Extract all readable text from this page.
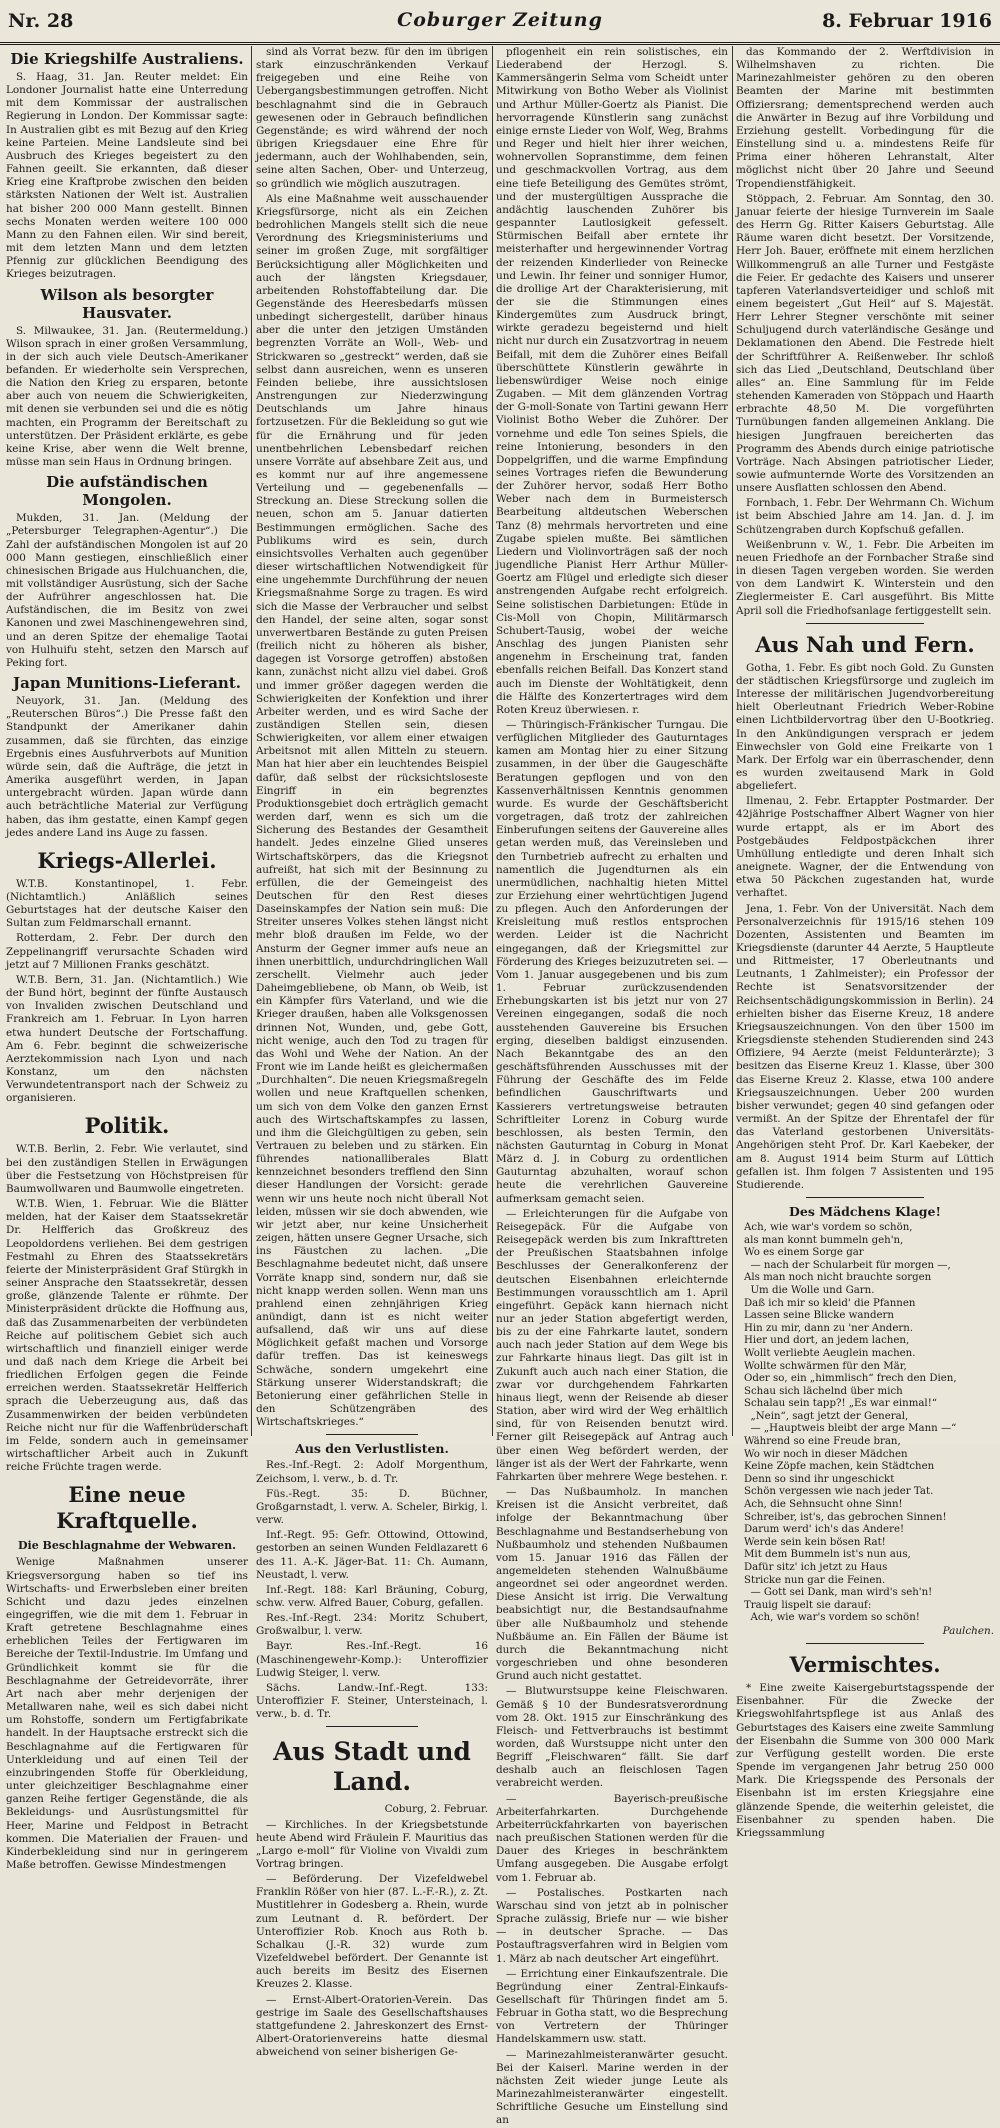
Nr. 28	Coburger Zeitung	8. Februar 1916
Die Kriegshilfe Australiens.

S. Haag, 31. Jan. Reuter meldet: Ein Londoner Journalist hatte eine Unterredung mit dem Kommissar der australischen Regierung in London. Der Kommissar sagte: In Australien gibt es mit Bezug auf den Krieg keine Parteien. Meine Landsleute sind bei Ausbruch des Krieges begeistert zu den Fahnen geeilt. Sie erkannten, daß dieser Krieg eine Kraftprobe zwischen den beiden stärksten Nationen der Welt ist. Australien hat bisher 200 000 Mann gestellt. Binnen sechs Monaten werden weitere 100 000 Mann zu den Fahnen eilen. Wir sind bereit, mit dem letzten Mann und dem letzten Pfennig zur glücklichen Beendigung des Krieges beizutragen.

Wilson als besorgter Hausvater.

S. Milwaukee, 31. Jan. (Reutermeldung.) Wilson sprach in einer großen Versammlung, in der sich auch viele Deutsch-Amerikaner befanden. Er wiederholte sein Versprechen, die Nation den Krieg zu ersparen, betonte aber auch von neuem die Schwierigkeiten, mit denen sie verbunden sei und die es nötig machten, ein Programm der Bereitschaft zu unterstützen. Der Präsident erklärte, es gebe keine Krise, aber wenn die Welt brenne, müsse man sein Haus in Ordnung bringen.

Die aufständischen Mongolen.

Mukden, 31. Jan. (Meldung der „Petersburger Telegraphen-Agentur“.) Die Zahl der aufständischen Mongolen ist auf 20 000 Mann gestiegen, einschließlich einer chinesischen Brigade aus Hulchuanchen, die, mit vollständiger Ausrüstung, sich der Sache der Aufrührer angeschlossen hat. Die Aufständischen, die im Besitz von zwei Kanonen und zwei Maschinengewehren sind, und an deren Spitze der ehemalige Taotai von Hulhuifu steht, setzen den Marsch auf Peking fort.

Japan Munitions-Lieferant.

Neuyork, 31. Jan. (Meldung des „Reuterschen Büros“.) Die Presse faßt den Standpunkt der Amerikaner dahin zusammen, daß sie fürchten, das einzige Ergebnis eines Ausfuhrverbots auf Munition würde sein, daß die Aufträge, die jetzt in Amerika ausgeführt werden, in Japan untergebracht würden. Japan würde dann auch beträchtliche Material zur Verfügung haben, das ihm gestatte, einen Kampf gegen jedes andere Land ins Auge zu fassen.

Kriegs-Allerlei.

W.T.B. Konstantinopel, 1. Febr. (Nichtamtlich.) Anläßlich seines Geburtstages hat der deutsche Kaiser den Sultan zum Feldmarschall ernannt.

Rotterdam, 2. Febr. Der durch den Zeppelinangriff verursachte Schaden wird jetzt auf 7 Millionen Franks geschätzt.

W.T.B. Bern, 31. Jan. (Nichtamtlich.) Wie der Bund hört, beginnt der fünfte Austausch von Invaliden zwischen Deutschland und Frankreich am 1. Februar. In Lyon harren etwa hundert Deutsche der Fortschaffung. Am 6. Febr. beginnt die schweizerische Aerztekommission nach Lyon und nach Konstanz, um den nächsten Verwundetentransport nach der Schweiz zu organisieren.

Politik.

W.T.B. Berlin, 2. Febr. Wie verlautet, sind bei den zuständigen Stellen in Erwägungen über die Festsetzung von Höchstpreisen für Baumwollwaren und Baumwolle eingetreten.

W.T.B. Wien, 1. Februar. Wie die Blätter melden, hat der Kaiser dem Staatssekretär Dr. Helfferich das Großkreuz des Leopoldordens verliehen. Bei dem gestrigen Festmahl zu Ehren des Staatssekretärs feierte der Ministerpräsident Graf Stürgkh in seiner Ansprache den Staatssekretär, dessen große, glänzende Talente er rühmte. Der Ministerpräsident drückte die Hoffnung aus, daß das Zusammenarbeiten der verbündeten Reiche auf politischem Gebiet sich auch wirtschaftlich und finanziell einiger werde und daß nach dem Kriege die Arbeit bei friedlichen Erfolgen gegen die Feinde erreichen werden. Staatssekretär Helfferich sprach die Ueberzeugung aus, daß das Zusammenwirken der beiden verbündeten Reiche nicht nur für die Waffenbrüderschaft im Felde, sondern auch in gemeinsamer wirtschaftlicher Arbeit auch in Zukunft reiche Früchte tragen werde.

Eine neue Kraftquelle.
Die Beschlagnahme der Webwaren.

Wenige Maßnahmen unserer Kriegsversorgung haben so tief ins Wirtschafts- und Erwerbsleben einer breiten Schicht und dazu jedes einzelnen eingegriffen, wie die mit dem 1. Februar in Kraft getretene Beschlagnahme eines erheblichen Teiles der Fertigwaren im Bereiche der Textil-Industrie. Im Umfang und Gründlichkeit kommt sie für die Beschlagnahme der Getreidevorräte, ihrer Art nach aber mehr derjenigen der Metallwaren nahe, weil es sich dabei nicht um Rohstoffe, sondern um Fertigfabrikate handelt. In der Hauptsache erstreckt sich die Beschlagnahme auf die Fertigwaren für Unterkleidung und auf einen Teil der einzubringenden Stoffe für Oberkleidung, unter gleichzeitiger Beschlagnahme einer ganzen Reihe fertiger Gegenstände, die als Bekleidungs- und Ausrüstungsmittel für Heer, Marine und Feldpost in Betracht kommen. Die Materialien der Frauen- und Kinderbekleidung sind nur in geringerem Maße betroffen. Gewisse Mindestmengen

sind als Vorrat bezw. für den im übrigen stark einzuschränkenden Verkauf freigegeben und eine Reihe von Uebergangsbestimmungen getroffen. Nicht beschlagnahmt sind die in Gebrauch gewesenen oder in Gebrauch befindlichen Gegenstände; es wird während der noch übrigen Kriegsdauer eine Ehre für jedermann, auch der Wohlhabenden, sein, seine alten Sachen, Ober- und Unterzeug, so gründlich wie möglich auszutragen.

Als eine Maßnahme weit ausschauender Kriegsfürsorge, nicht als ein Zeichen bedrohlichen Mangels stellt sich die neue Verordnung des Kriegsministeriums und seiner im großen Zuge, mit sorgfältiger Berücksichtigung aller Möglichkeiten und auch der längsten Kriegsdauer, arbeitenden Rohstoffabteilung dar. Die Gegenstände des Heeresbedarfs müssen unbedingt sichergestellt, darüber hinaus aber die unter den jetzigen Umständen begrenzten Vorräte an Woll-, Web- und Strickwaren so „gestreckt“ werden, daß sie selbst dann ausreichen, wenn es unseren Feinden beliebe, ihre aussichtslosen Anstrengungen zur Niederzwingung Deutschlands um Jahre hinaus fortzusetzen. Für die Bekleidung so gut wie für die Ernährung und für jeden unentbehrlichen Lebensbedarf reichen unsere Vorräte auf absehbare Zeit aus, und es kommt nur auf ihre angemessene Verteilung und — gegebenenfalls — Streckung an. Diese Streckung sollen die neuen, schon am 5. Januar datierten Bestimmungen ermöglichen. Sache des Publikums wird es sein, durch einsichtsvolles Verhalten auch gegenüber dieser wirtschaftlichen Notwendigkeit für eine ungehemmte Durchführung der neuen Kriegsmaßnahme Sorge zu tragen. Es wird sich die Masse der Verbraucher und selbst den Handel, der seine alten, sogar sonst unverwertbaren Bestände zu guten Preisen (freilich nicht zu höheren als bisher, dagegen ist Vorsorge getroffen) abstoßen kann, zunächst nicht allzu viel dabei. Groß und immer größer dagegen werden die Schwierigkeiten der Konfektion und ihrer Arbeiter werden, und es wird Sache der zuständigen Stellen sein, diesen Schwierigkeiten, vor allem einer etwaigen Arbeitsnot mit allen Mitteln zu steuern. Man hat hier aber ein leuchtendes Beispiel dafür, daß selbst der rücksichtsloseste Eingriff in ein begrenztes Produktionsgebiet doch erträglich gemacht werden darf, wenn es sich um die Sicherung des Bestandes der Gesamtheit handelt. Jedes einzelne Glied unseres Wirtschaftskörpers, das die Kriegsnot aufreißt, hat sich mit der Besinnung zu erfüllen, die der Gemeingeist des Deutschen für den Rest dieses Daseinskampfes der Nation sein muß: Die Streiter unseres Volkes stehen längst nicht mehr bloß draußen im Felde, wo der Ansturm der Gegner immer aufs neue an ihnen unerbittlich, undurchdringlichen Wall zerschellt. Vielmehr auch jeder Daheimgebliebene, ob Mann, ob Weib, ist ein Kämpfer fürs Vaterland, und wie die Krieger draußen, haben alle Volksgenossen drinnen Not, Wunden, und, gebe Gott, nicht wenige, auch den Tod zu tragen für das Wohl und Wehe der Nation. An der Front wie im Lande heißt es gleichermaßen „Durchhalten“. Die neuen Kriegsmaßregeln wollen und neue Kraftquellen schenken, um sich von dem Volke den ganzen Ernst auch des Wirtschaftskampfes zu lassen, und ihm die Gleichgültigen zu geben, sein Vertrauen zu beleben und zu stärken. Ein führendes nationalliberales Blatt kennzeichnet besonders trefflend den Sinn dieser Handlungen der Vorsicht: gerade wenn wir uns heute noch nicht überall Not leiden, müssen wir sie doch abwenden, wie wir jetzt aber, nur keine Unsicherheit zeigen, hätten unsere Gegner Ursache, sich ins Fäustchen zu lachen. „Die Beschlagnahme bedeutet nicht, daß unsere Vorräte knapp sind, sondern nur, daß sie nicht knapp werden sollen. Wenn man uns prahlend einen zehnjährigen Krieg anündigt, dann ist es nicht weiter aufsallend, daß wir uns auf diese Möglichkeit gefaßt machen und Vorsorge dafür treffen. Das ist keineswegs Schwäche, sondern umgekehrt eine Stärkung unserer Widerstandskraft; die Betonierung einer gefährlichen Stelle in den Schützengräben des Wirtschaftskrieges.“

Aus den Verlustlisten.

Res.-Inf.-Regt. 2: Adolf Morgenthum, Zeichsom, l. verw., b. d. Tr.

Füs.-Regt. 35: D. Büchner, Großgarnstadt, l. verw. A. Scheler, Birkig, l. verw.

Inf.-Regt. 95: Gefr. Ottowind, Ottowind, gestorben an seinen Wunden Feldlazarett 6 des 11. A.-K. Jäger-Bat. 11: Ch. Aumann, Neustadt, l. verw.

Inf.-Regt. 188: Karl Bräuning, Coburg, schw. verw. Alfred Bauer, Coburg, gefallen.

Res.-Inf.-Regt. 234: Moritz Schubert, Großwalbur, l. verw.

Bayr. Res.-Inf.-Regt. 16 (Maschinengewehr-Komp.): Unteroffizier Ludwig Steiger, l. verw.

Sächs. Landw.-Inf.-Regt. 133: Unteroffizier F. Steiner, Untersteinach, l. verw., b. d. Tr.

Aus Stadt und Land.

Coburg, 2. Februar.

— Kirchliches. In der Kriegsbetstunde heute Abend wird Fräulein F. Mauritius das „Largo e-moll“ für Violine von Vivaldi zum Vortrag bringen.

— Beförderung. Der Vizefeldwebel Franklin Rößer von hier (87. L.-F.-R.), z. Zt. Mustitlehrer in Godesberg a. Rhein, wurde zum Leutnant d. R. befördert. Der Unteroffizier Rob. Knoch aus Roth b. Schalkau (J.-R. 32) wurde zum Vizefeldwebel befördert. Der Genannte ist auch bereits im Besitz des Eisernen Kreuzes 2. Klasse.

— Ernst-Albert-Oratorien-Verein. Das gestrige im Saale des Gesellschaftshauses stattgefundene 2. Jahreskonzert des Ernst-Albert-Oratorienvereins hatte diesmal abweichend von seiner bisherigen Ge-

pflogenheit ein rein solistisches, ein Liederabend der Herzogl. S. Kammersängerin Selma vom Scheidt unter Mitwirkung von Botho Weber als Violinist und Arthur Müller-Goertz als Pianist. Die hervorragende Künstlerin sang zunächst einige ernste Lieder von Wolf, Weg, Brahms und Reger und hielt hier ihrer weichen, wohnervollen Sopranstimme, dem feinen und geschmackvollen Vortrag, aus dem eine tiefe Beteiligung des Gemütes strömt, und der mustergültigen Aussprache die andächtig lauschenden Zuhörer bis gespannter Lautlosigkeit gefesselt. Stürmischen Beifall aber erntete ihr meisterhafter und hergewinnender Vortrag der reizenden Kinderlieder von Reinecke und Lewin. Ihr feiner und sonniger Humor, die drollige Art der Charakterisierung, mit der sie die Stimmungen eines Kindergemütes zum Ausdruck bringt, wirkte geradezu begeisternd und hielt nicht nur durch ein Zusatzvortrag in neuem Beifall, mit dem die Zuhörer eines Beifall überschüttete Künstlerin gewährte in liebenswürdiger Weise noch einige Zugaben. — Mit dem glänzenden Vortrag der G-moll-Sonate von Tartini gewann Herr Violinist Botho Weber die Zuhörer. Der vornehme und edle Ton seines Spiels, die reine Intonierung, besonders in den Doppelgriffen, und die warme Empfindung seines Vortrages riefen die Bewunderung der Zuhörer hervor, sodaß Herr Botho Weber nach dem in Burmeistersch Bearbeitung altdeutschen Weberschen Tanz (8) mehrmals hervortreten und eine Zugabe spielen mußte. Bei sämtlichen Liedern und Violinvorträgen saß der noch jugendliche Pianist Herr Arthur Müller-Goertz am Flügel und erledigte sich dieser anstrengenden Aufgabe recht erfolgreich. Seine solistischen Darbietungen: Etüde in Cis-Moll von Chopin, Militärmarsch Schubert-Tausig, wobei der weiche Anschlag des jungen Pianisten sehr angenehm in Erscheinung trat, fanden ebenfalls reichen Beifall. Das Konzert stand auch im Dienste der Wohltätigkeit, denn die Hälfte des Konzertertrages wird dem Roten Kreuz überwiesen. r.

— Thüringisch-Fränkischer Turngau. Die verfüglichen Mitglieder des Gauturntages kamen am Montag hier zu einer Sitzung zusammen, in der über die Gaugeschäfte Beratungen gepflogen und von den Kassenverhältnissen Kenntnis genommen wurde. Es wurde der Geschäftsbericht vorgetragen, daß trotz der zahlreichen Einberufungen seitens der Gauvereine alles getan werden muß, das Vereinsleben und den Turnbetrieb aufrecht zu erhalten und namentlich die Jugendturnen als ein unermüdlichen, nachhaltig hieten Mittel zur Erziehung einer wehrtüchtigen Jugend zu pflegen. Auch den Anforderungen der Kreisleitung muß restlos entsprochen werden. Leider ist die Nachricht eingegangen, daß der Kriegsmittel zur Förderung des Krieges beizuzutreten sei. — Vom 1. Januar ausgegebenen und bis zum 1. Februar zurückzusendenden Erhebungskarten ist bis jetzt nur von 27 Vereinen eingegangen, sodaß die noch ausstehenden Gauvereine bis Ersuchen erging, dieselben baldigst einzusenden. Nach Bekanntgabe des an den geschäftsführenden Ausschusses mit der Führung der Geschäfte des im Felde befindlichen Gauschriftwarts und Kassierers vertretungsweise betrauten Schriftleiter Lorenz in Coburg wurde beschlossen, als besten Termin, den nächsten Gauturntag in Coburg in Monat März d. J. in Coburg zu ordentlichen Gauturntag abzuhalten, worauf schon heute die verehrlichen Gauvereine aufmerksam gemacht seien.

— Erleichterungen für die Aufgabe von Reisegepäck. Für die Aufgabe von Reisegepäck werden bis zum Inkrafttreten der Preußischen Staatsbahnen infolge Beschlusses der Generalkonferenz der deutschen Eisenbahnen erleichternde Bestimmungen vorausschtlich am 1. April eingeführt. Gepäck kann hiernach nicht nur an jeder Station abgefertigt werden, bis zu der eine Fahrkarte lautet, sondern auch nach jeder Station auf dem Wege bis zur Fahrkarte hinaus liegt. Das gilt ist in Zukunft auch auch nach einer Station, die zwar vor durchgehendem Fahrkarten hinaus liegt, wenn der Reisende ab dieser Station, aber wird wird der Weg erhältlich sind, für von Reisenden benutzt wird. Ferner gilt Reisegepäck auf Antrag auch über einen Weg befördert werden, der länger ist als der Wert der Fahrkarte, wenn Fahrkarten über mehrere Wege bestehen. r.

— Das Nußbaumholz. In manchen Kreisen ist die Ansicht verbreitet, daß infolge der Bekanntmachung über Beschlagnahme und Bestandserhebung von Nußbaumholz und stehenden Nußbaumen vom 15. Januar 1916 das Fällen der angemeldeten stehenden Walnußbäume angeordnet sei oder angeordnet werden. Diese Ansicht ist irrig. Die Verwaltung beabsichtigt nur, die Bestandsaufnahme über alle Nußbaumholz und stehende Nußbäume an. Ein Fällen der Bäume ist durch die Bekanntmachung nicht vorgeschrieben und ohne besonderen Grund auch nicht gestattet.

— Blutwurstsuppe keine Fleischwaren. Gemäß § 10 der Bundesratsverordnung vom 28. Okt. 1915 zur Einschränkung des Fleisch- und Fettverbrauchs ist bestimmt worden, daß Wurstsuppe nicht unter den Begriff „Fleischwaren“ fällt. Sie darf deshalb auch an fleischlosen Tagen verabreicht werden.

— Bayerisch-preußische Arbeiterfahrkarten. Durchgehende Arbeiterrückfahrkarten von bayerischen nach preußischen Stationen werden für die Dauer des Krieges in beschränktem Umfang ausgegeben. Die Ausgabe erfolgt vom 1. Februar ab.

— Postalisches. Postkarten nach Warschau sind von jetzt ab in polnischer Sprache zulässig, Briefe nur — wie bisher — in deutscher Sprache. — Das Postauftragsverfahren wird in Belgien vom 1. März ab nach deutscher Art eingeführt.

— Errichtung einer Einkaufszentrale. Die Begründung einer Zentral-Einkaufs-Gesellschaft für Thüringen findet am 5. Februar in Gotha statt, wo die Besprechung von Vertretern der Thüringer Handelskammern usw. statt.

— Marinezahlmeisteranwärter gesucht. Bei der Kaiserl. Marine werden in der nächsten Zeit wieder junge Leute als Marinezahlmeisteranwärter eingestellt. Schriftliche Gesuche um Einstellung sind an

das Kommando der 2. Werftdivision in Wilhelmshaven zu richten. Die Marinezahlmeister gehören zu den oberen Beamten der Marine mit bestimmten Offiziersrang; dementsprechend werden auch die Anwärter in Bezug auf ihre Vorbildung und Erziehung gestellt. Vorbedingung für die Einstellung sind u. a. mindestens Reife für Prima einer höheren Lehranstalt, Alter möglichst nicht über 20 Jahre und Seeund Tropendienstfähigkeit.

Stöppach, 2. Februar. Am Sonntag, den 30. Januar feierte der hiesige Turnverein im Saale des Herrn Gg. Ritter Kaisers Geburtstag. Alle Räume waren dicht besetzt. Der Vorsitzende, Herr Joh. Bauer, eröffnete mit einem herzlichen Willkommengruß an alle Turner und Festgäste die Feier. Er gedachte des Kaisers und unserer tapferen Vaterlandsverteidiger und schloß mit einem begeistert „Gut Heil“ auf S. Majestät. Herr Lehrer Stegner verschönte mit seiner Schuljugend durch vaterländische Gesänge und Deklamationen den Abend. Die Festrede hielt der Schriftführer A. Reißenweber. Ihr schloß sich das Lied „Deutschland, Deutschland über alles“ an. Eine Sammlung für im Felde stehenden Kameraden von Stöppach und Haarth erbrachte 48,50 M. Die vorgeführten Turnübungen fanden allgemeinen Anklang. Die hiesigen Jungfrauen bereicherten das Programm des Abends durch einige patriotische Vorträge. Nach Absingen patriotischer Lieder, sowie aufmunternde Worte des Vorsitzenden an unsere Ausflatten schlossen den Abend.

Fornbach, 1. Febr. Der Wehrmann Ch. Wichum ist beim Abschied Jahre am 14. Jan. d. J. im Schützengraben durch Kopfschuß gefallen.

Weißenbrunn v. W., 1. Febr. Die Arbeiten im neuen Friedhofe an der Fornbacher Straße sind in diesen Tagen vergeben worden. Sie werden von dem Landwirt K. Winterstein und den Zieglermeister E. Carl ausgeführt. Bis Mitte April soll die Friedhofsanlage fertiggestellt sein.

Aus Nah und Fern.

Gotha, 1. Febr. Es gibt noch Gold. Zu Gunsten der städtischen Kriegsfürsorge und zugleich im Interesse der militärischen Jugendvorbereitung hielt Oberleutnant Friedrich Weber-Robine einen Lichtbildervortrag über den U-Bootkrieg. In den Ankündigungen versprach er jedem Einwechsler von Gold eine Freikarte von 1 Mark. Der Erfolg war ein überraschender, denn es wurden zweitausend Mark in Gold abgeliefert.

Ilmenau, 2. Febr. Ertappter Postmarder. Der 42jährige Postschaffner Albert Wagner von hier wurde ertappt, als er im Abort des Postgebäudes Feldpostpäckchen ihrer Umhüllung entledigte und deren Inhalt sich aneignete. Wagner, der die Entwendung von etwa 50 Päckchen zugestanden hat, wurde verhaftet.

Jena, 1. Febr. Von der Universität. Nach dem Personalverzeichnis für 1915/16 stehen 109 Dozenten, Assistenten und Beamten im Kriegsdienste (darunter 44 Aerzte, 5 Hauptleute und Rittmeister, 17 Oberleutnants und Leutnants, 1 Zahlmeister); ein Professor der Rechte ist Senatsvorsitzender der Reichsentschädigungskommission in Berlin). 24 erhielten bisher das Eiserne Kreuz, 18 andere Kriegsauszeichnungen. Von den über 1500 im Kriegsdienste stehenden Studierenden sind 243 Offiziere, 94 Aerzte (meist Feldunterärzte); 3 besitzen das Eiserne Kreuz 1. Klasse, über 300 das Eiserne Kreuz 2. Klasse, etwa 100 andere Kriegsauszeichnungen. Ueber 200 wurden bisher verwundet; gegen 40 sind gefangen oder vermißt. An der Spitze der Ehrentafel der für das Vaterland gestorbenen Universitäts-Angehörigen steht Prof. Dr. Karl Kaebeker, der am 8. August 1914 beim Sturm auf Lüttich gefallen ist. Ihm folgen 7 Assistenten und 195 Studierende.

Des Mädchens Klage!
Ach, wie war's vordem so schön,
als man konnt bummeln geh'n,
Wo es einem Sorge gar
— nach der Schularbeit für morgen —,
Als man noch nicht brauchte sorgen
Um die Wolle und Garn.
Daß ich mir so kleid' die Pfannen
Lassen seine Blicke wandern
Hin zu mir, dann zu 'ner Andern.
Hier und dort, an jedem lachen,
Wollt verliebte Aeuglein machen.
Wollte schwärmen für den Mär,
Oder so, ein „himmlisch“ frech den Dien,
Schau sich lächelnd über mich
Schalau sein tapp?! „Es war einmal!“
„Nein“, sagt jetzt der General,
— „Hauptweis bleibt der arge Mann —“
Während so eine Freude bran,
Wo wir noch in dieser Mädchen
Keine Zöpfe machen, kein Städtchen
Denn so sind ihr ungeschickt
Schön vergessen wie nach jeder Tat.
Ach, die Sehnsucht ohne Sinn!
Schreiber, ist's, das gebrochen Sinnen!
Darum werd' ich's das Andere!
Werde sein kein bösen Rat!
Mit dem Bummeln ist's nun aus,
Dafür sitz' ich jetzt zu Haus
Stricke nun gar die Feinen.
— Gott sei Dank, man wird's seh'n!
Trauig lispelt sie darauf:
Ach, wie war's vordem so schön!
Paulchen.
Vermischtes.

* Eine zweite Kaisergeburtstagsspende der Eisenbahner. Für die Zwecke der Kriegswohlfahrtspflege ist aus Anlaß des Geburtstages des Kaisers eine zweite Sammlung der Eisenbahn die Summe von 300 000 Mark zur Verfügung gestellt worden. Die erste Spende im vergangenen Jahr betrug 250 000 Mark. Die Kriegsspende des Personals der Eisenbahn ist im ersten Kriegsjahre eine glänzende Spende, die weiterhin geleistet, die Eisenbahner zu spenden haben. Die Kriegssammlung
